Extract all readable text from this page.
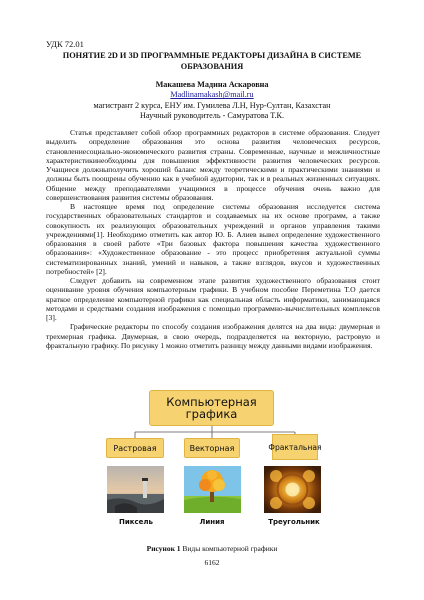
УДК 72.01
ПОНЯТИЕ 2D И 3D ПРОГРАММНЫЕ РЕДАКТОРЫ ДИЗАЙНА В СИСТЕМЕ
ОБРАЗОВАНИЯ
Макашева Мадина Аскаровна
Madlinamakash@mail.ru
магистрант 2 курса, ЕНУ им. Гумилева Л.Н, Нур-Султан, Казахстан
Научный руководитель - Самуратова Т.К.

Статья представляет собой обзор программных редакторов в системе образования. Следует выделить определение образования это основа развития человеческих ресурсов, становлениесоциально-экономического развития страны. Современные, научные и межличностные характеристикинеобходимы для повышения эффективности развития человеческих ресурсов. Учащиеся должныполучить хороший баланс между теоретическими и практическими знаниями и должны быть поощрены обучению как в учебной аудитории, так и в реальных жизненных ситуациях. Общение между преподавателями учащимися в процессе обучения очень важно для совершенствования развития системы образования.

В настоящее время под определение системы образования исследуется система государственных образовательных стандартов и создаваемых на их основе программ, а также совокупность их реализующих образовательных учреждений и органов управления такими учреждениями[1]. Необходимо отметить как автор Ю. Б. Алиев вывел определение художественного образования в своей работе «Три базовых фактора повышения качества художественного образования»: «Художественное образование - это процесс приобретения актуальной суммы систематизированных знаний, умений и навыков, а также взглядов, вкусов и художественных потребностей» [2].

Следует добавить на современном этапе развития художественного образования стоит оценивание уровня обучения компьютерным графики. В учебном пособие Переметина Т.О дается краткое определение компьютерной графики как специальная область информатики, занимающаяся методами и средствами создания изображения с помощью программно-вычислительных комплексов [3].

Графические редакторы по способу создания изображения делятся на два вида: двумерная и трехмерная графика. Двумерная, в свою очередь, подразделяется на векторную, растровую и фрактальную графику. По рисунку 1 можно отметить разницу между данными видами изображения.

Компьютерная графика
Растровая	Векторная	Фрактальная
Пиксель	Линия	Треугольник
Рисунок 1 Виды компьютерной графики
6162
